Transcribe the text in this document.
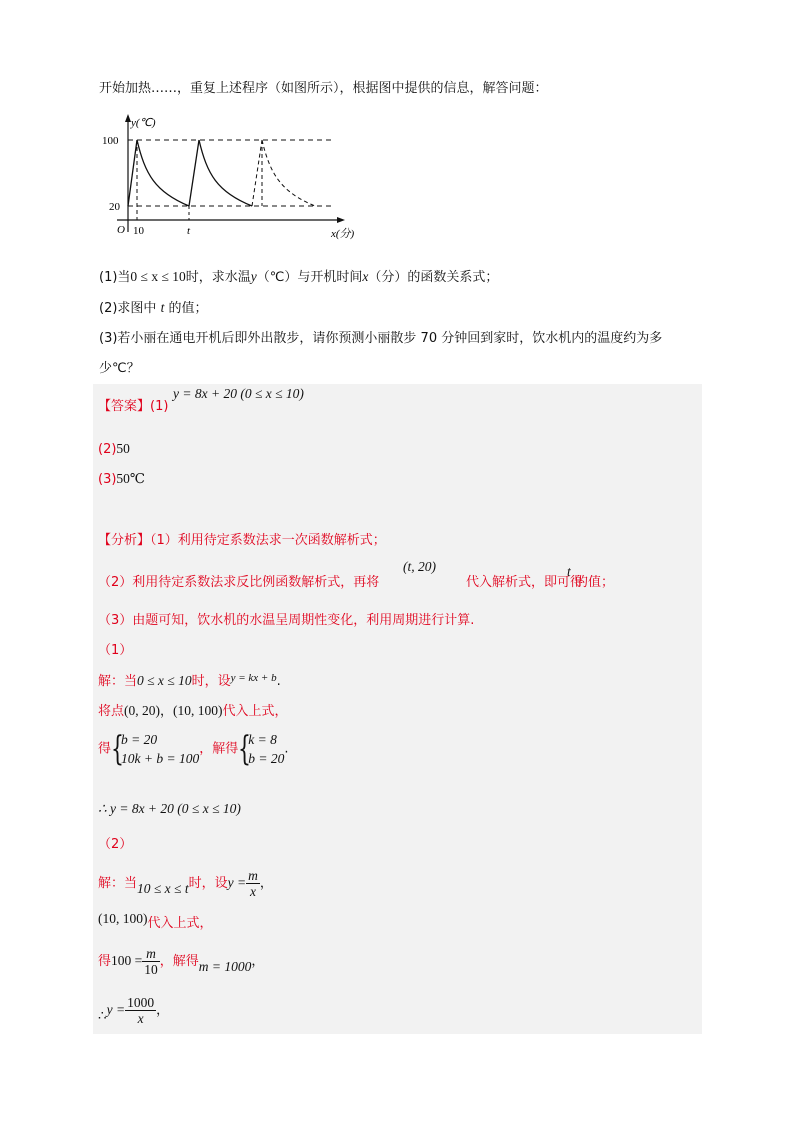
开始加热……，重复上述程序（如图所示），根据图中提供的信息，解答问题：
y(℃)
100
20
O 10	t	x(分)
(1)当0 ≤ x ≤ 10时，求水温y（℃）与开机时间x（分）的函数关系式；
(2)求图中 t 的值；
(3)若小丽在通电开机后即外出散步，请你预测小丽散步 70 分钟回到家时，饮水机内的温度约为多
少℃？
【答案】(1)
y = 8x + 20 (0 ≤ x ≤ 10)
(2)50
(3)50℃
【分析】（1）利用待定系数法求一次函数解析式；
（2）利用待定系数法求反比例函数解析式，再将
(t, 20)
代入解析式，即可得
t
的值；
（3）由题可知，饮水机的水温呈周期性变化，利用周期进行计算.
（1）
解：当0 ≤ x ≤ 10时，设$^{y = kx + b}$.
将点(0, 20)，(10, 100)代入上式，
得 {
b = 20
10k + b = 100
，解得 {
k = 8
b = 20
.
∴ y = 8x + 20 (0 ≤ x ≤ 10)
（2）
解：当10 ≤ x ≤ t时，设$y = \frac{m}{x}$ ，
(10, 100)代入上式，
得$100 = \frac{m}{10}$ ，解得m = 1000，
∴y = $\frac{1000}{x}$ ，
